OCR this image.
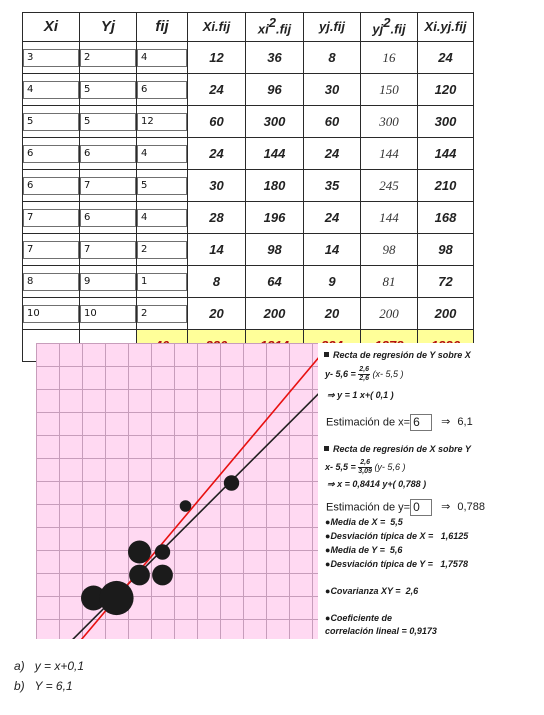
Xi	Yj	fij	Xi.fij	$xi^2.fij$	yj.fij	$yj^2.fij$	Xi.yj.fij

3	2	4	12	36	8	16	24

4	5	6	24	96	30	150	120

5	5	12	60	300	60	300	300

6	6	4	24	144	24	144	144

6	7	5	30	180	35	245	210

7	6	4	28	196	24	144	168

7	7	2	14	98	14	98	98

8	9	1	8	64	9	81	72

10	10	2	20	200	20	200	200

Recta de regresión de Y sobre X
y- $5,6 = \frac{2,6}{2,6} (x-$ 5,5 )
⇒ y = 1 x+( 0,1 )
Estimación de x= 6 ⇒ 6,1
Recta de regresión de X sobre Y
x- $5,5 = \frac{2,6}{3,09} (y-$ 5,6 )
⇒ x = 0,8414 y+( 0,788 )
Estimación de y= 0 ⇒ 0,788
●Media de X = 5,5
●Desviación típica de X = 1,6125
●Media de Y = 5,6
●Desviación típica de Y = 1,7578
●Covarianza XY = 2,6
●Coeficiente de
correlación lineal = 0,9173
a) y = x+0,1
b) Y = 6,1
